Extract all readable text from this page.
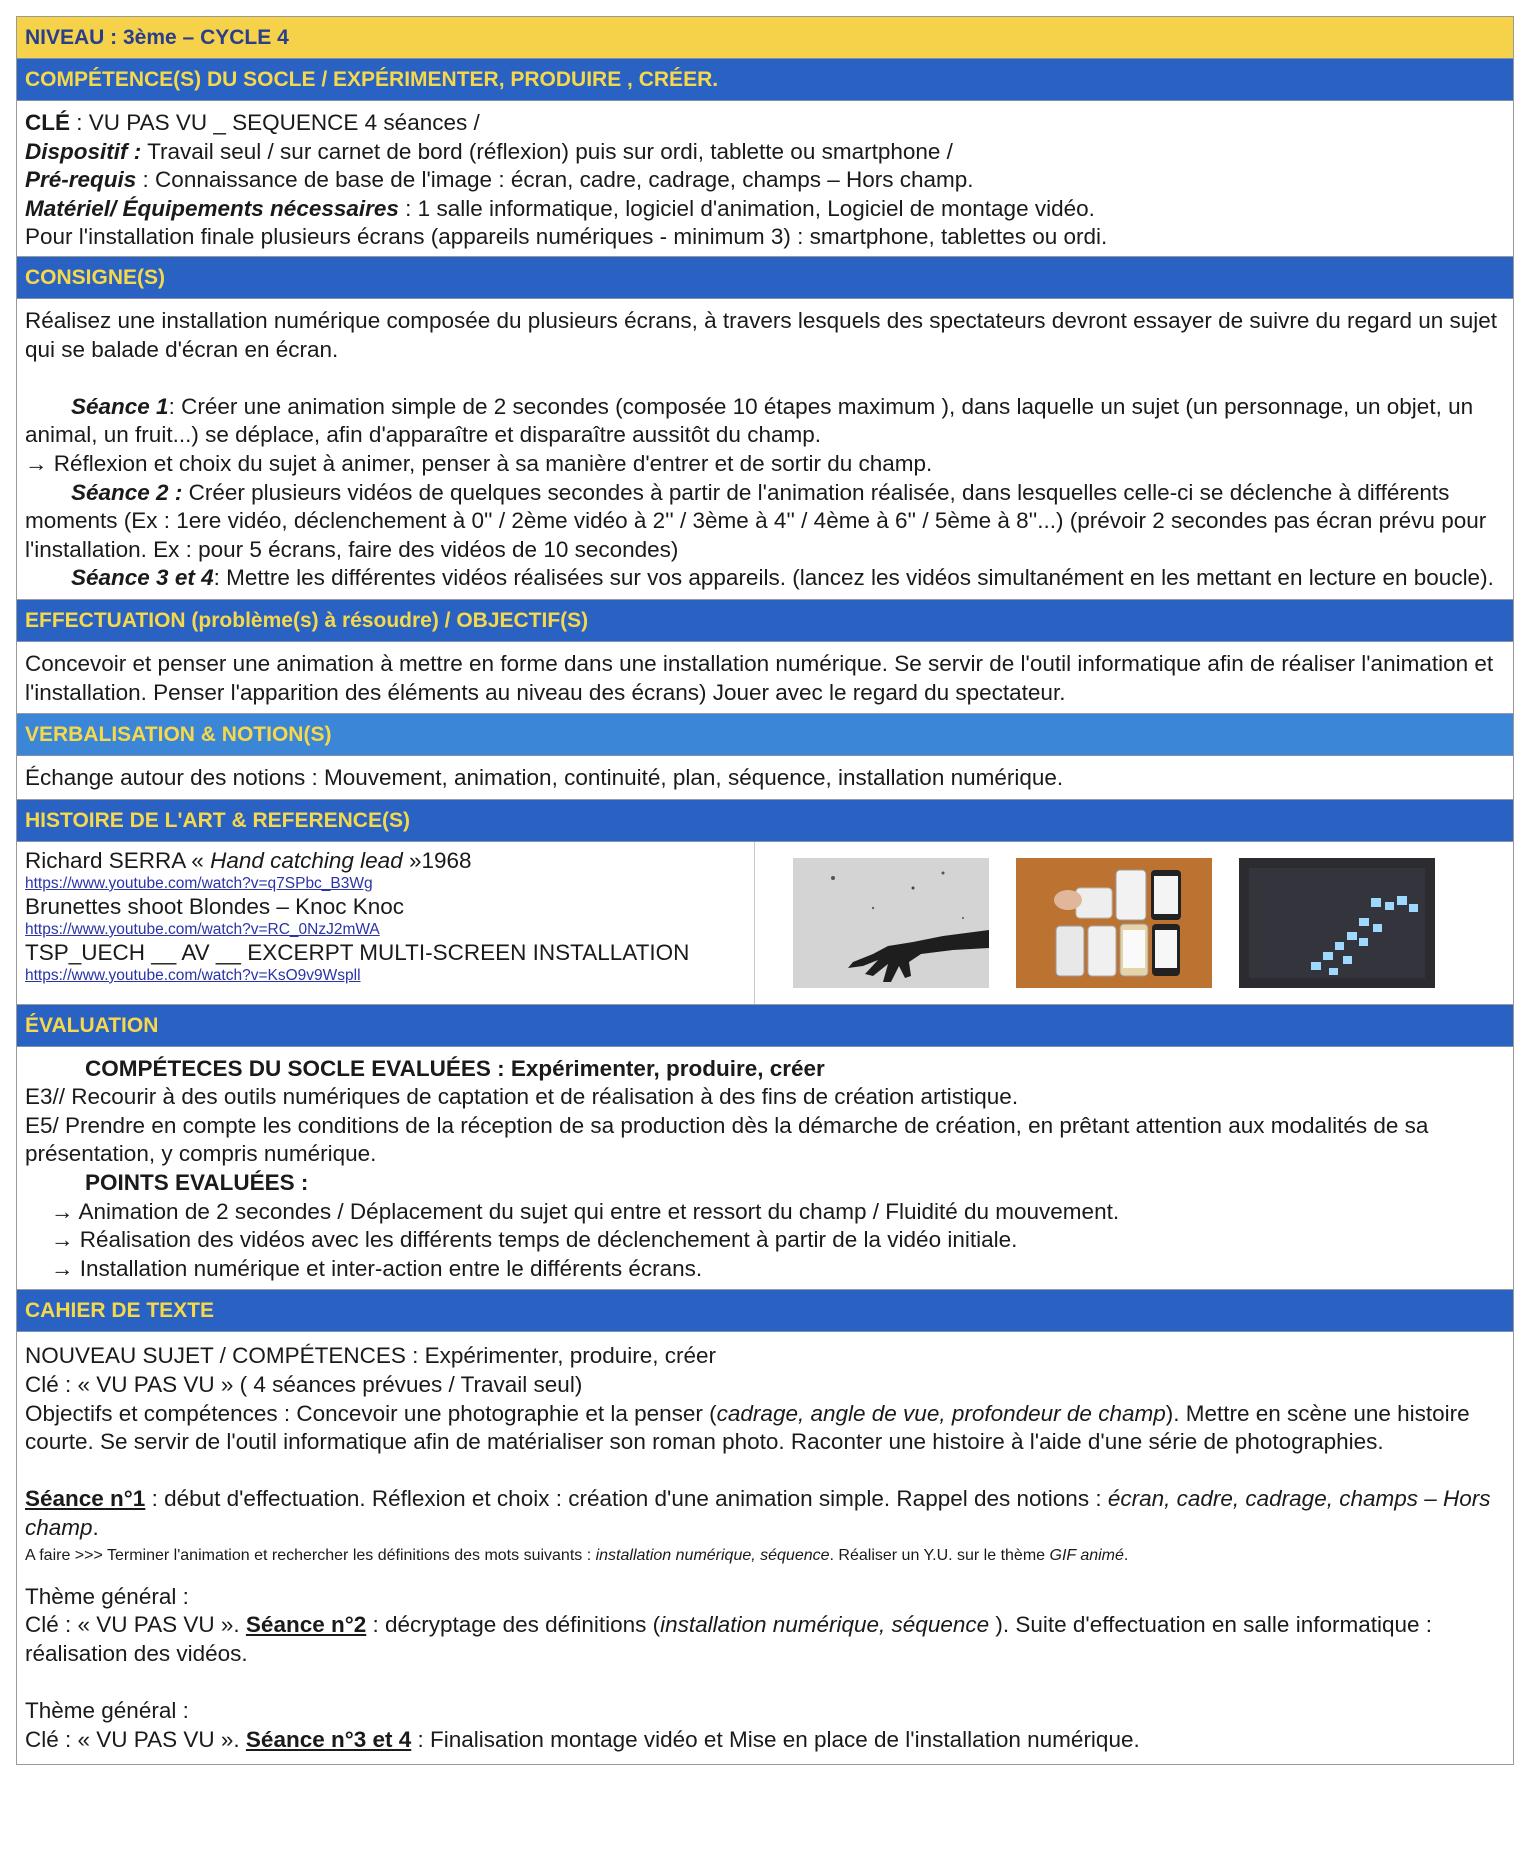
NIVEAU : 3ème – CYCLE 4
COMPÉTENCE(S) DU SOCLE / EXPÉRIMENTER, PRODUIRE , CRÉER.

CLÉ : VU PAS VU _ SEQUENCE 4 séances /

Dispositif : Travail seul / sur carnet de bord (réflexion) puis sur ordi, tablette ou smartphone /

Pré-requis : Connaissance de base de l'image : écran, cadre, cadrage, champs – Hors champ.

Matériel/ Équipements nécessaires : 1 salle informatique, logiciel d'animation, Logiciel de montage vidéo.

Pour l'installation finale plusieurs écrans (appareils numériques - minimum 3) : smartphone, tablettes ou ordi.

CONSIGNE(S)

Réalisez une installation numérique composée du plusieurs écrans, à travers lesquels des spectateurs devront essayer de suivre du regard un sujet qui se balade d'écran en écran.

Séance 1: Créer une animation simple de 2 secondes (composée 10 étapes maximum ), dans laquelle un sujet (un personnage, un objet, un animal, un fruit...) se déplace, afin d'apparaître et disparaître aussitôt du champ.

→ Réflexion et choix du sujet à animer, penser à sa manière d'entrer et de sortir du champ.

Séance 2 : Créer plusieurs vidéos de quelques secondes à partir de l'animation réalisée, dans lesquelles celle-ci se déclenche à différents moments (Ex : 1ere vidéo, déclenchement à 0'' / 2ème vidéo à 2'' / 3ème à 4'' / 4ème à 6'' / 5ème à 8''...) (prévoir 2 secondes pas écran prévu pour l'installation. Ex : pour 5 écrans, faire des vidéos de 10 secondes)

Séance 3 et 4: Mettre les différentes vidéos réalisées sur vos appareils. (lancez les vidéos simultanément en les mettant en lecture en boucle).

EFFECTUATION (problème(s) à résoudre) / OBJECTIF(S)

Concevoir et penser une animation à mettre en forme dans une installation numérique. Se servir de l'outil informatique afin de réaliser l'animation et l'installation. Penser l'apparition des éléments au niveau des écrans) Jouer avec le regard du spectateur.

VERBALISATION & NOTION(S)

Échange autour des notions : Mouvement, animation, continuité, plan, séquence, installation numérique.

HISTOIRE DE L'ART & REFERENCE(S)
Richard SERRA « Hand catching lead »1968
https://www.youtube.com/watch?v=q7SPbc_B3Wg
Brunettes shoot Blondes – Knoc Knoc
https://www.youtube.com/watch?v=RC_0NzJ2mWA
TSP_UECH __ AV __ EXCERPT MULTI-SCREEN INSTALLATION
https://www.youtube.com/watch?v=KsO9v9Wspll
ÉVALUATION

COMPÉTECES DU SOCLE EVALUÉES : Expérimenter, produire, créer

E3// Recourir à des outils numériques de captation et de réalisation à des fins de création artistique.

E5/ Prendre en compte les conditions de la réception de sa production dès la démarche de création, en prêtant attention aux modalités de sa présentation, y compris numérique.

POINTS EVALUÉES :

→ Animation de 2 secondes / Déplacement du sujet qui entre et ressort du champ / Fluidité du mouvement.

→ Réalisation des vidéos avec les différents temps de déclenchement à partir de la vidéo initiale.

→ Installation numérique et inter-action entre le différents écrans.

CAHIER DE TEXTE

NOUVEAU SUJET / COMPÉTENCES : Expérimenter, produire, créer

Clé : « VU PAS VU » ( 4 séances prévues / Travail seul)

Objectifs et compétences : Concevoir une photographie et la penser (cadrage, angle de vue, profondeur de champ). Mettre en scène une histoire courte. Se servir de l'outil informatique afin de matérialiser son roman photo. Raconter une histoire à l'aide d'une série de photographies.

Séance n°1 : début d'effectuation. Réflexion et choix : création d'une animation simple. Rappel des notions : écran, cadre, cadrage, champs – Hors champ.

A faire >>> Terminer l'animation et rechercher les définitions des mots suivants : installation numérique, séquence. Réaliser un Y.U. sur le thème GIF animé.

Thème général :

Clé : « VU PAS VU ». Séance n°2 : décryptage des définitions (installation numérique, séquence ). Suite d'effectuation en salle informatique : réalisation des vidéos.

Thème général :

Clé : « VU PAS VU ». Séance n°3 et 4 : Finalisation montage vidéo et Mise en place de l'installation numérique.
